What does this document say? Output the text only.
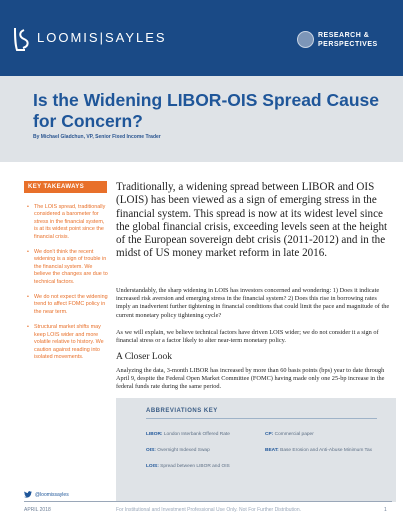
LOOMIS|SAYLES	RESEARCH &
PERSPECTIVES
Is the Widening LIBOR-OIS Spread Cause for Concern?
By Michael Gladchun, VP, Senior Fixed Income Trader
KEY TAKEAWAYS
• The LOIS spread, traditionally considered a barometer for stress in the financial system, is at its widest point since the financial crisis.
• We don't think the recent widening is a sign of trouble in the financial system. We believe the changes are due to technical factors.
• We do not expect the widening trend to affect FOMC policy in the near term.
• Structural market shifts may keep LOIS wider and more volatile relative to history. We caution against reading into isolated movements.
Traditionally, a widening spread between LIBOR and OIS (LOIS) has been viewed as a sign of emerging stress in the financial system. This spread is now at its widest level since the global financial crisis, exceeding levels seen at the height of the European sovereign debt crisis (2011-2012) and in the midst of US money market reform in late 2016.
Understandably, the sharp widening in LOIS has investors concerned and wondering: 1) Does it indicate increased risk aversion and emerging stress in the financial system? 2) Does this rise in borrowing rates imply an inadvertent further tightening in financial conditions that could limit the pace and magnitude of the current monetary policy tightening cycle?
As we will explain, we believe technical factors have driven LOIS wider; we do not consider it a sign of financial stress or a factor likely to alter near-term monetary policy.
A Closer Look
Analyzing the data, 3-month LIBOR has increased by more than 60 basis points (bps) year to date through April 9, despite the Federal Open Market Committee (FOMC) having made only one 25-bp increase in the federal funds rate during the same period.
ABBREVIATIONS KEY
LIBOR: London Interbank Offered Rate	CP: Commercial paper
OIS: Overnight Indexed Swap	BEAT: Base Erosion and Anti-Abuse Minimum Tax
LOIS: Spread between LIBOR and OIS
@loomissayles
APRIL 2018	For Institutional and Investment Professional Use Only. Not For Further Distribution.	1
